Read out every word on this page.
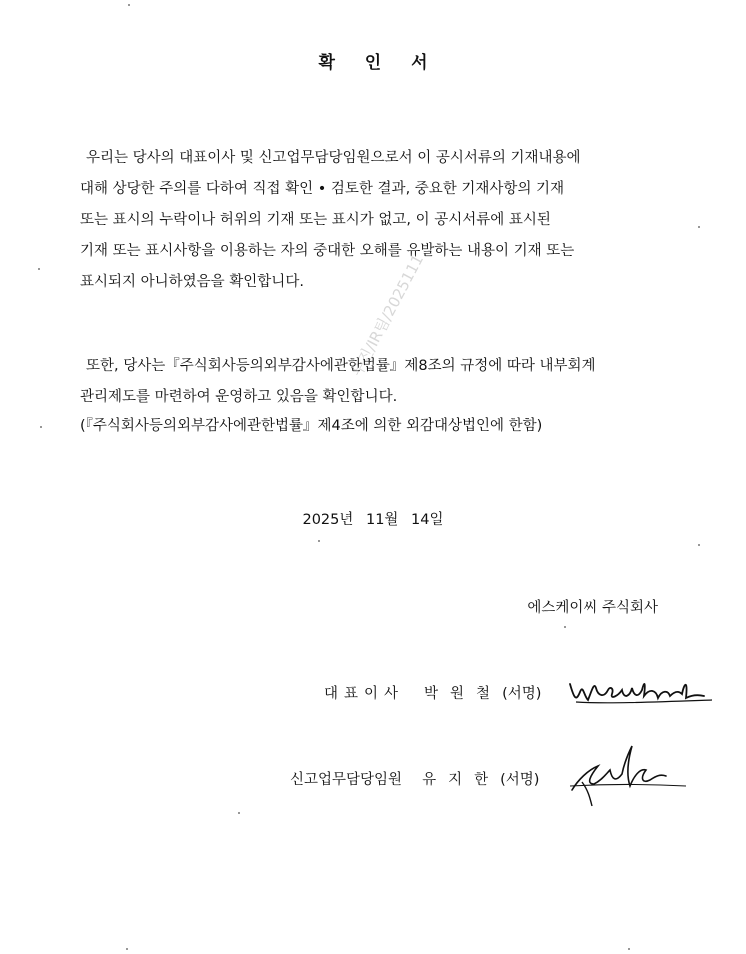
우진/IR팀/2025111
확 인 서
우리는 당사의 대표이사 및 신고업무담당임원으로서 이 공시서류의 기재내용에
대해 상당한 주의를 다하여 직접 확인 • 검토한 결과, 중요한 기재사항의 기재
또는 표시의 누락이나 허위의 기재 또는 표시가 없고, 이 공시서류에 표시된
기재 또는 표시사항을 이용하는 자의 중대한 오해를 유발하는 내용이 기재 또는
표시되지 아니하였음을 확인합니다.
또한, 당사는『주식회사등의외부감사에관한법률』제8조의 규정에 따라 내부회계
관리제도를 마련하여 운영하고 있음을 확인합니다.
(『주식회사등의외부감사에관한법률』제4조에 의한 외감대상법인에 한함)
2025년 11월 14일
에스케이씨 주식회사
대표이사 박원철(서명)
신고업무담당임원 유지한(서명)
